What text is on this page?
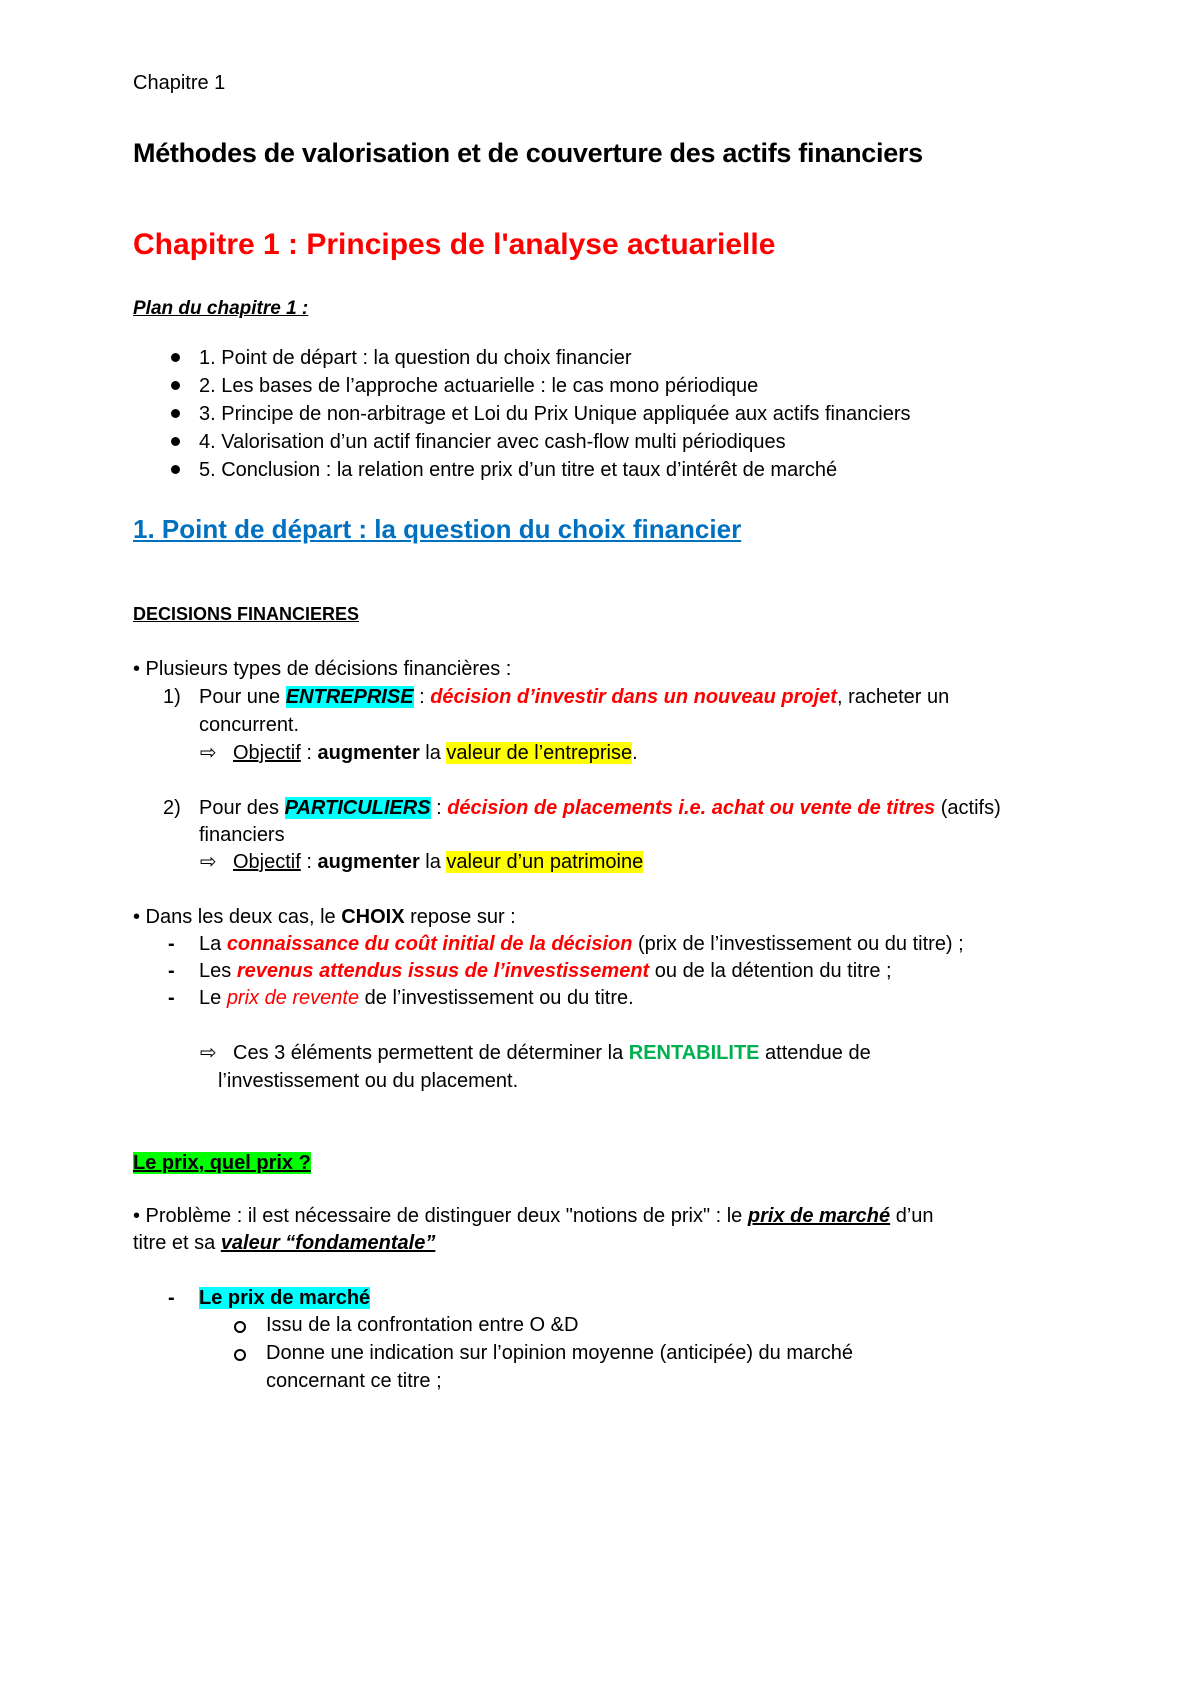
Chapitre 1
Méthodes de valorisation et de couverture des actifs financiers
Chapitre 1 : Principes de l'analyse actuarielle
Plan du chapitre 1 :
1. Point de départ : la question du choix financier
2. Les bases de l’approche actuarielle : le cas mono périodique
3. Principe de non-arbitrage et Loi du Prix Unique appliquée aux actifs financiers
4. Valorisation d’un actif financier avec cash-flow multi périodiques
5. Conclusion : la relation entre prix d’un titre et taux d’intérêt de marché
1. Point de départ : la question du choix financier
DECISIONS FINANCIERES
• Plusieurs types de décisions financières :
1) Pour une ENTREPRISE : décision d’investir dans un nouveau projet, racheter un
concurrent.
⇨ Objectif : augmenter la valeur de l’entreprise.
2) Pour des PARTICULIERS : décision de placements i.e. achat ou vente de titres (actifs)
financiers
⇨ Objectif : augmenter la valeur d’un patrimoine
• Dans les deux cas, le CHOIX repose sur :
- La connaissance du coût initial de la décision (prix de l’investissement ou du titre) ;
- Les revenus attendus issus de l’investissement ou de la détention du titre ;
- Le prix de revente de l’investissement ou du titre.
⇨ Ces 3 éléments permettent de déterminer la RENTABILITE attendue de
l’investissement ou du placement.
Le prix, quel prix ?
• Problème : il est nécessaire de distinguer deux "notions de prix" : le prix de marché d’un
titre et sa valeur “fondamentale”
- Le prix de marché
Issu de la confrontation entre O &D
Donne une indication sur l’opinion moyenne (anticipée) du marché
concernant ce titre ;
